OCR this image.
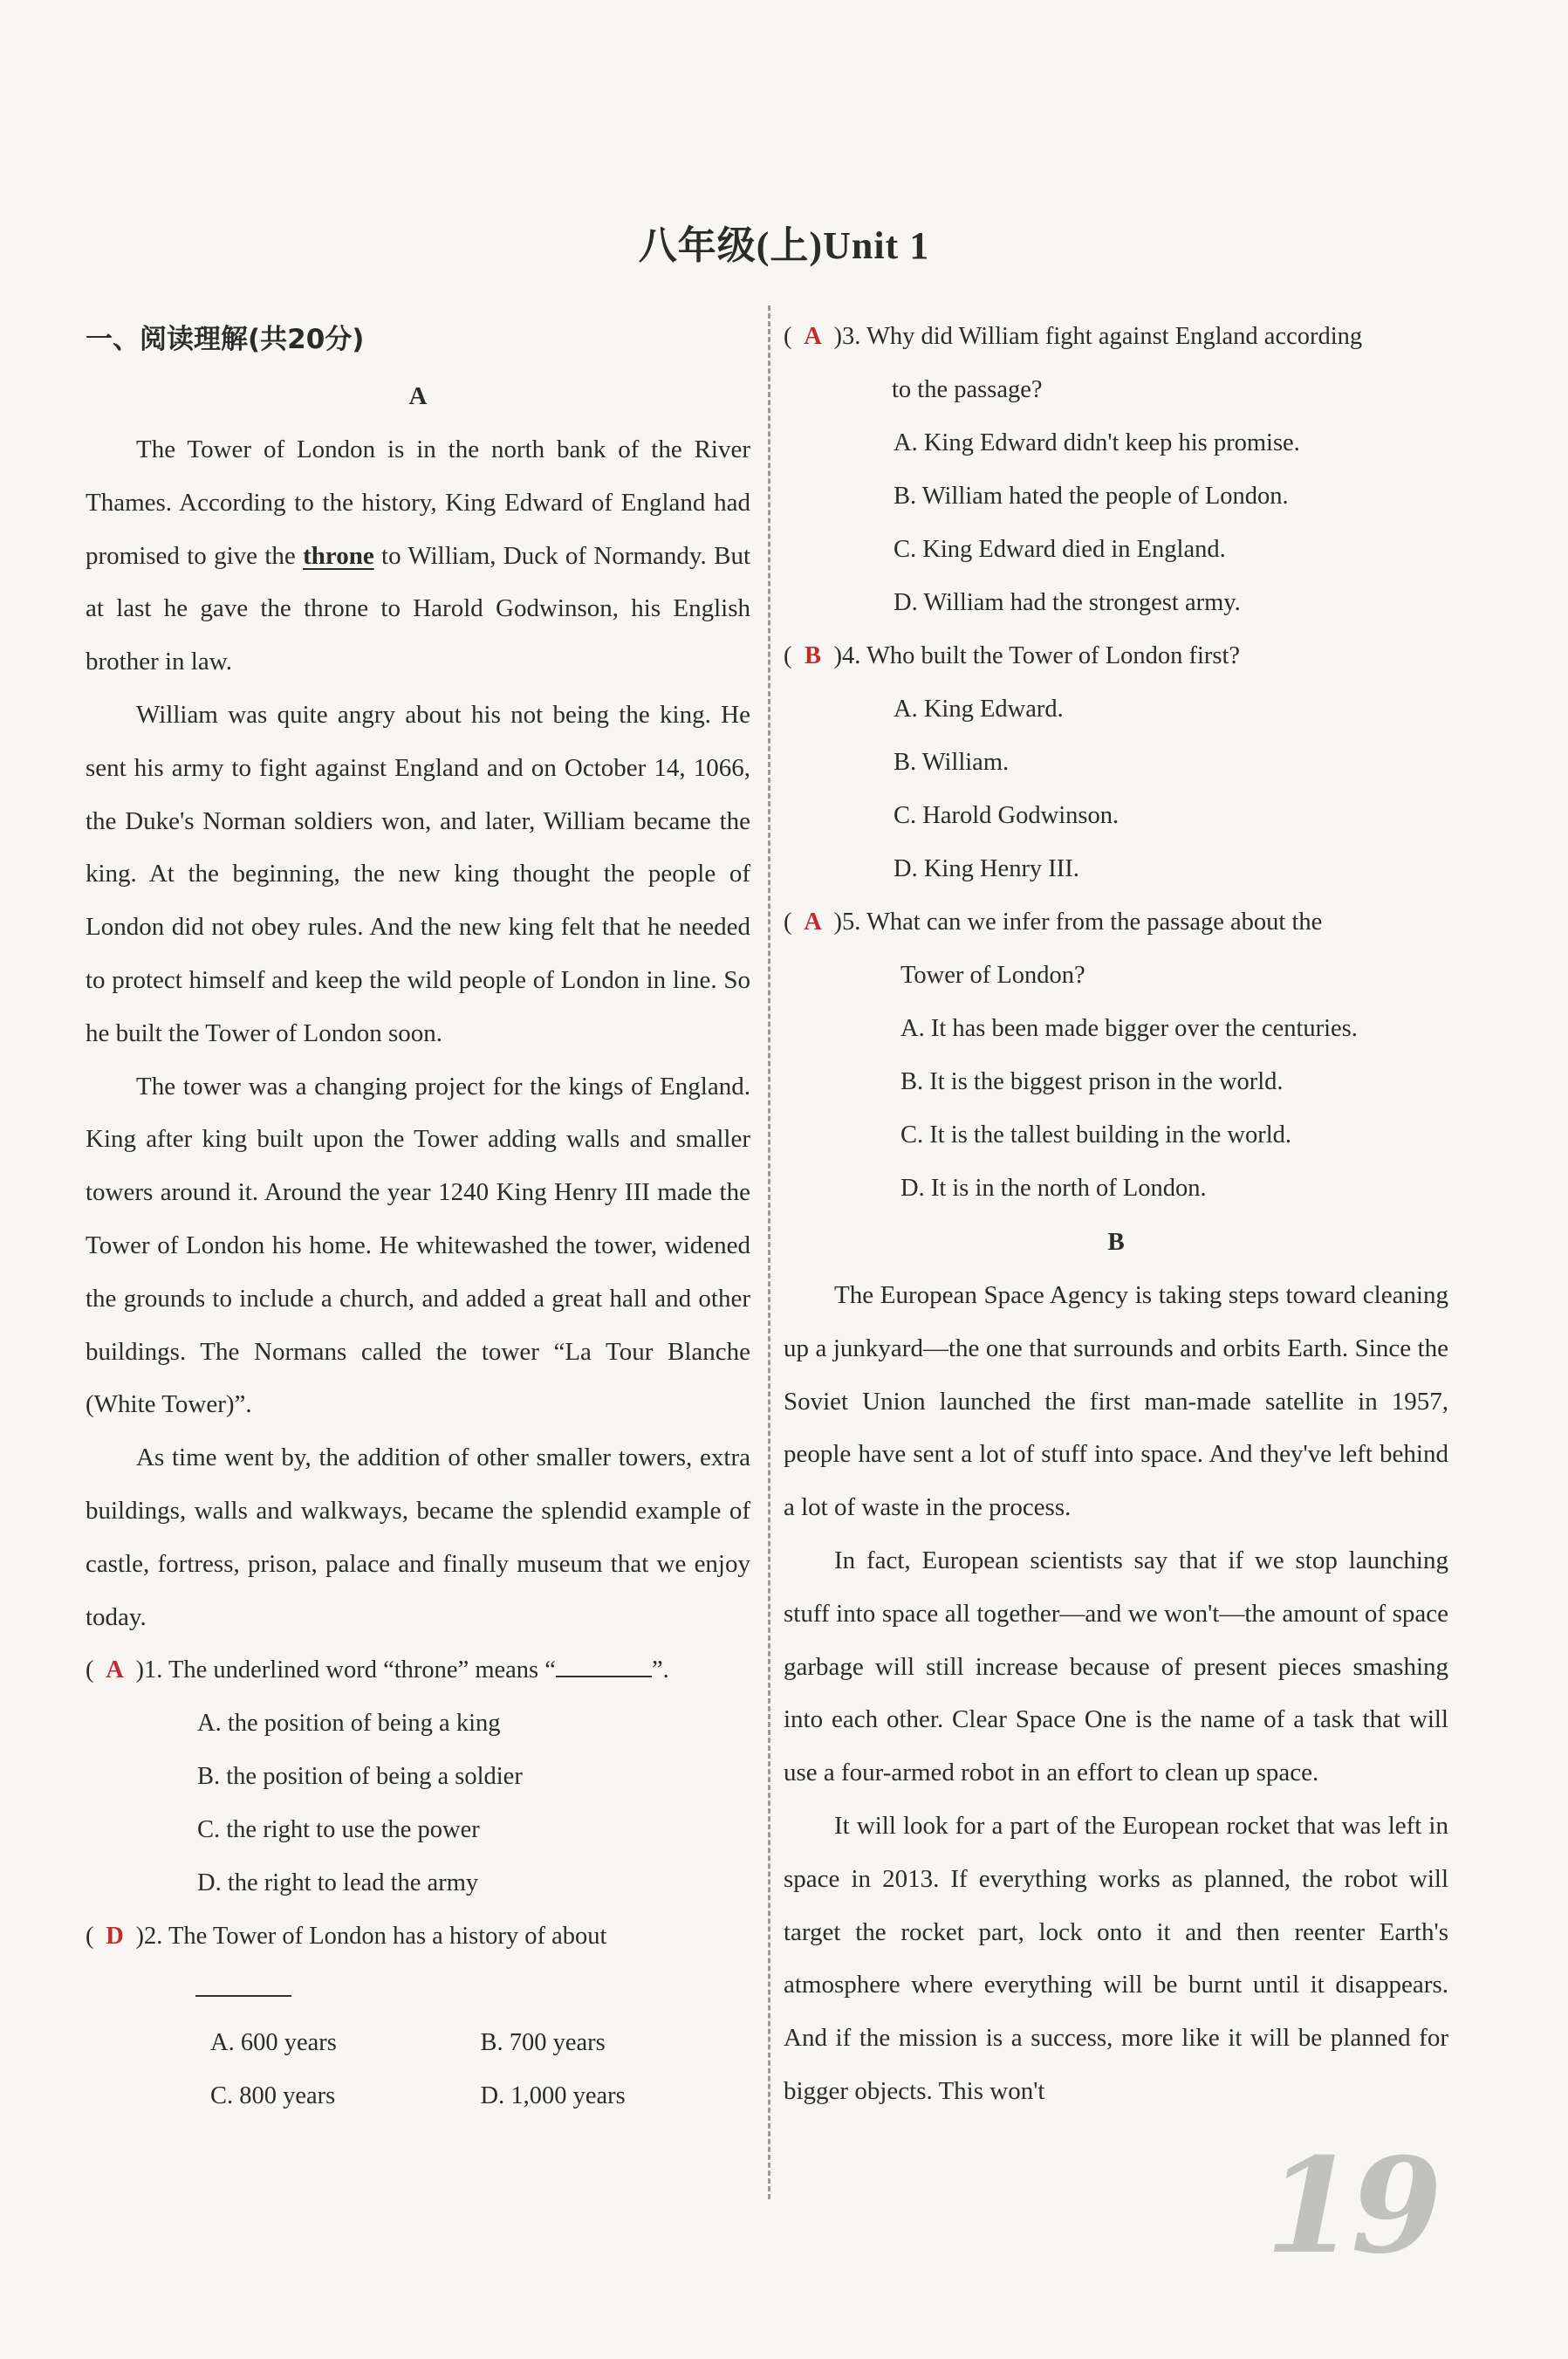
八年级(上)Unit 1
一、阅读理解(共20分)
A

The Tower of London is in the north bank of the River Thames. According to the history, King Edward of England had promised to give the throne to William, Duck of Normandy. But at last he gave the throne to Harold Godwinson, his English brother in law.

William was quite angry about his not being the king. He sent his army to fight against England and on October 14, 1066, the Duke's Norman soldiers won, and later, William became the king. At the beginning, the new king thought the people of London did not obey rules. And the new king felt that he needed to protect himself and keep the wild people of London in line. So he built the Tower of London soon.

The tower was a changing project for the kings of England. King after king built upon the Tower adding walls and smaller towers around it. Around the year 1240 King Henry III made the Tower of London his home. He whitewashed the tower, widened the grounds to include a church, and added a great hall and other buildings. The Normans called the tower “La Tour Blanche (White Tower)”.

As time went by, the addition of other smaller towers, extra buildings, walls and walkways, became the splendid example of castle, fortress, prison, palace and finally museum that we enjoy today.

( A )1. The underlined word “throne” means “	”.
A. the position of being a king
B. the position of being a soldier
C. the right to use the power
D. the right to lead the army
( D )2. The Tower of London has a history of about
A. 600 years	B. 700 years
C. 800 years	D. 1,000 years
( A )3. Why did William fight against England according
to the passage?
A. King Edward didn't keep his promise.
B. William hated the people of London.
C. King Edward died in England.
D. William had the strongest army.
( B )4. Who built the Tower of London first?
A. King Edward.
B. William.
C. Harold Godwinson.
D. King Henry III.
( A )5. What can we infer from the passage about the
Tower of London?
A. It has been made bigger over the centuries.
B. It is the biggest prison in the world.
C. It is the tallest building in the world.
D. It is in the north of London.
B

The European Space Agency is taking steps toward cleaning up a junkyard—the one that surrounds and orbits Earth. Since the Soviet Union launched the first man-made satellite in 1957, people have sent a lot of stuff into space. And they've left behind a lot of waste in the process.

In fact, European scientists say that if we stop launching stuff into space all together—and we won't—the amount of space garbage will still increase because of present pieces smashing into each other. Clear Space One is the name of a task that will use a four-armed robot in an effort to clean up space.

It will look for a part of the European rocket that was left in space in 2013. If everything works as planned, the robot will target the rocket part, lock onto it and then reenter Earth's atmosphere where everything will be burnt until it disappears. And if the mission is a success, more like it will be planned for bigger objects. This won't

19
